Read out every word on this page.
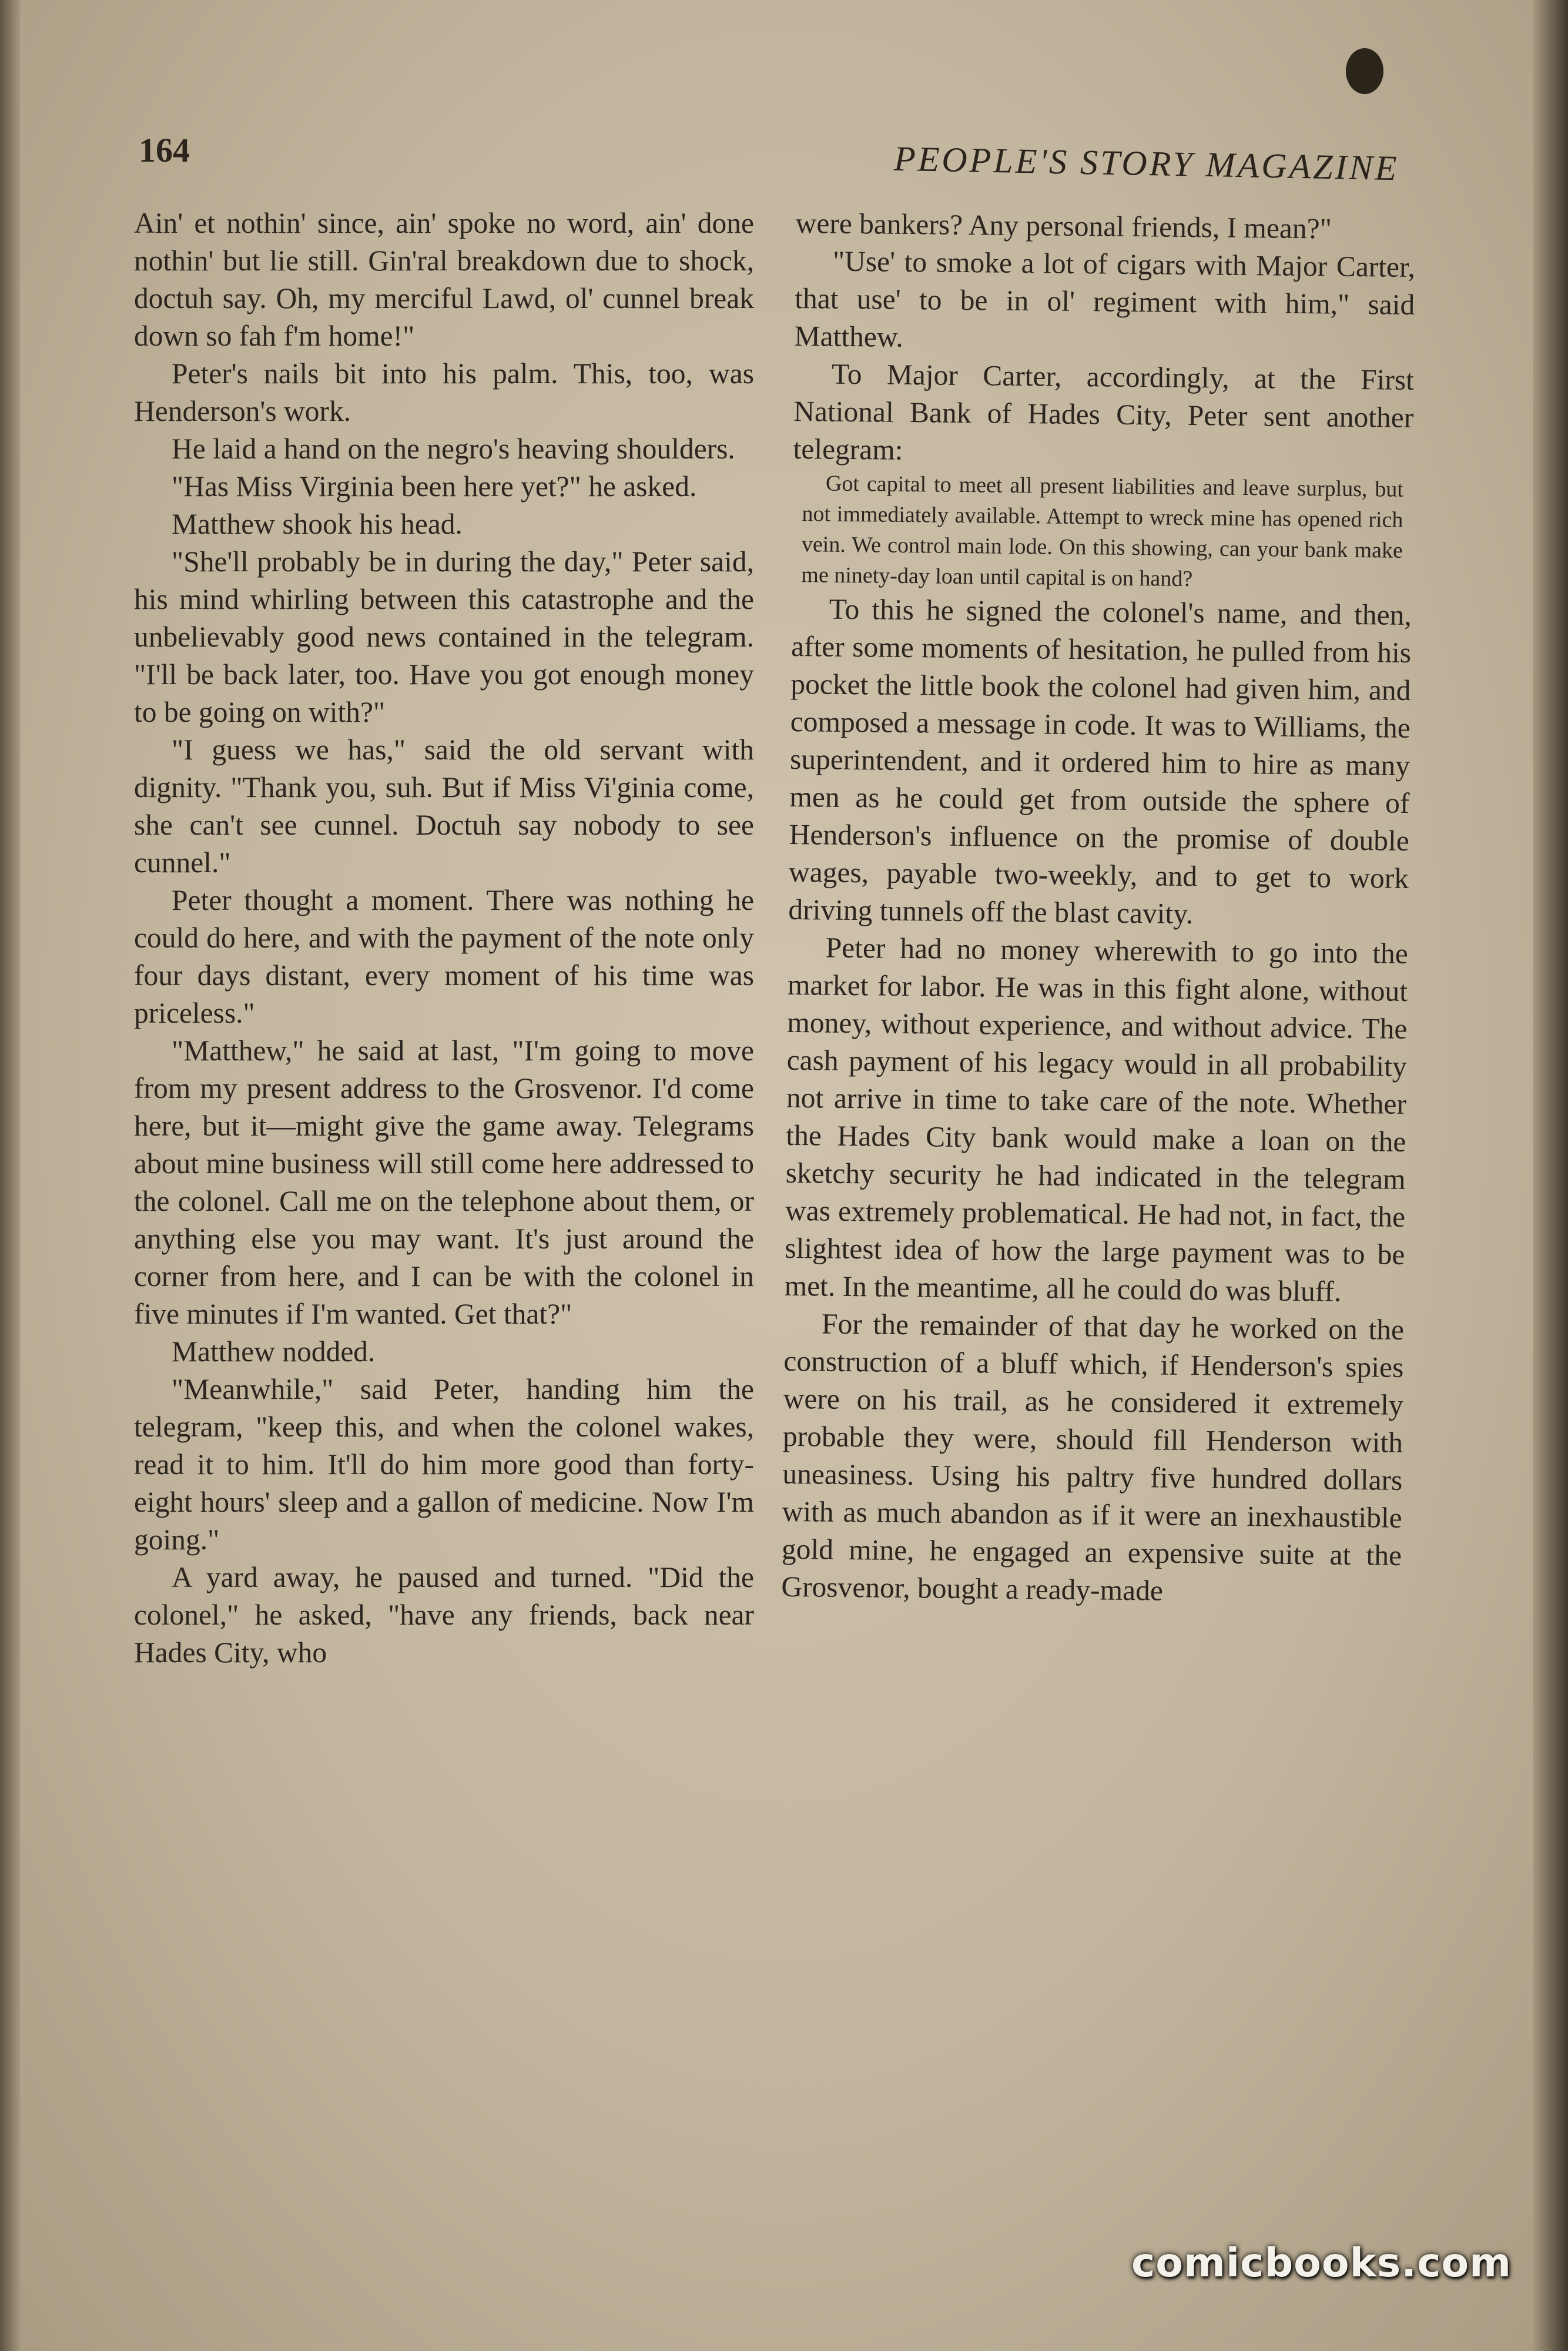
164	PEOPLE'S STORY MAGAZINE

Ain' et nothin' since, ain' spoke no word, ain' done nothin' but lie still. Gin'ral breakdown due to shock, doctuh say. Oh, my merciful Lawd, ol' cunnel break down so fah f'm home!"

Peter's nails bit into his palm. This, too, was Henderson's work.

He laid a hand on the negro's heaving shoulders.

"Has Miss Virginia been here yet?" he asked.

Matthew shook his head.

"She'll probably be in during the day," Peter said, his mind whirling between this catastrophe and the unbelievably good news contained in the telegram. "I'll be back later, too. Have you got enough money to be going on with?"

"I guess we has," said the old servant with dignity. "Thank you, suh. But if Miss Vi'ginia come, she can't see cunnel. Doctuh say nobody to see cunnel."

Peter thought a moment. There was nothing he could do here, and with the payment of the note only four days distant, every moment of his time was priceless."

"Matthew," he said at last, "I'm going to move from my present address to the Grosvenor. I'd come here, but it—might give the game away. Telegrams about mine business will still come here addressed to the colonel. Call me on the telephone about them, or anything else you may want. It's just around the corner from here, and I can be with the colonel in five minutes if I'm wanted. Get that?"

Matthew nodded.

"Meanwhile," said Peter, handing him the telegram, "keep this, and when the colonel wakes, read it to him. It'll do him more good than forty-eight hours' sleep and a gallon of medicine. Now I'm going."

A yard away, he paused and turned. "Did the colonel," he asked, "have any friends, back near Hades City, who

were bankers? Any personal friends, I mean?"

"Use' to smoke a lot of cigars with Major Carter, that use' to be in ol' regiment with him," said Matthew.

To Major Carter, accordingly, at the First National Bank of Hades City, Peter sent another telegram:

Got capital to meet all present liabilities and leave surplus, but not immediately available. Attempt to wreck mine has opened rich vein. We control main lode. On this showing, can your bank make me ninety-day loan until capital is on hand?

To this he signed the colonel's name, and then, after some moments of hesitation, he pulled from his pocket the little book the colonel had given him, and composed a message in code. It was to Williams, the superintendent, and it ordered him to hire as many men as he could get from outside the sphere of Henderson's influence on the promise of double wages, payable two-weekly, and to get to work driving tunnels off the blast cavity.

Peter had no money wherewith to go into the market for labor. He was in this fight alone, without money, without experience, and without advice. The cash payment of his legacy would in all probability not arrive in time to take care of the note. Whether the Hades City bank would make a loan on the sketchy security he had indicated in the telegram was extremely problematical. He had not, in fact, the slightest idea of how the large payment was to be met. In the meantime, all he could do was bluff.

For the remainder of that day he worked on the construction of a bluff which, if Henderson's spies were on his trail, as he considered it extremely probable they were, should fill Henderson with uneasiness. Using his paltry five hundred dollars with as much abandon as if it were an inexhaustible gold mine, he engaged an expensive suite at the Grosvenor, bought a ready-made

comicbooks.com
